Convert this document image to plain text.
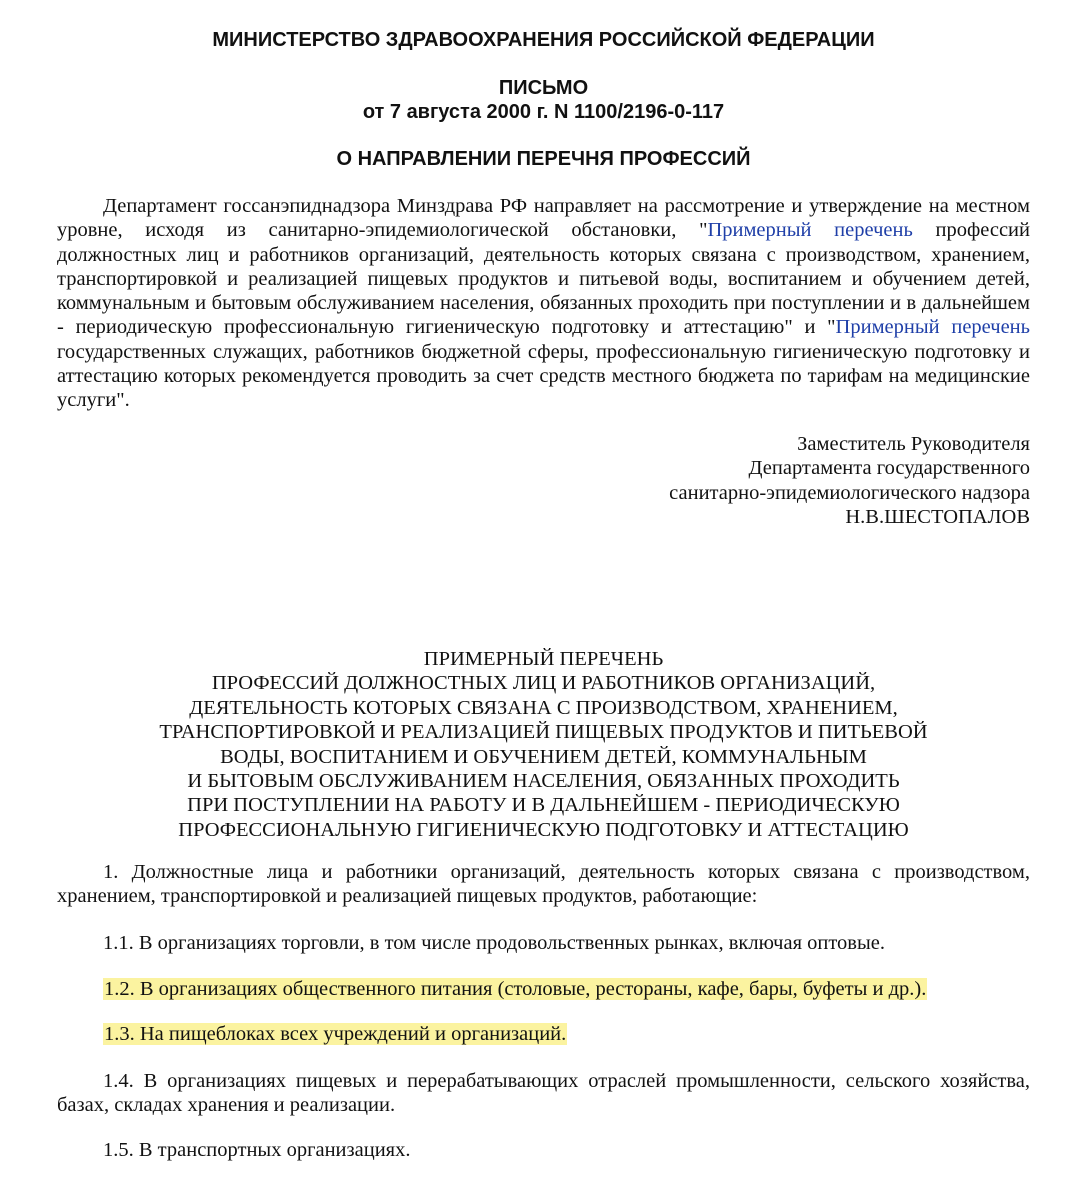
МИНИСТЕРСТВО ЗДРАВООХРАНЕНИЯ РОССИЙСКОЙ ФЕДЕРАЦИИ
ПИСЬМО
от 7 августа 2000 г. N 1100/2196-0-117
О НАПРАВЛЕНИИ ПЕРЕЧНЯ ПРОФЕССИЙ

Департамент госсанэпиднадзора Минздрава РФ направляет на рассмотрение и утверждение на местном уровне, исходя из санитарно-эпидемиологической обстановки, "Примерный перечень профессий должностных лиц и работников организаций, деятельность которых связана с производством, хранением, транспортировкой и реализацией пищевых продуктов и питьевой воды, воспитанием и обучением детей, коммунальным и бытовым обслуживанием населения, обязанных проходить при поступлении и в дальнейшем - периодическую профессиональную гигиеническую подготовку и аттестацию" и "Примерный перечень государственных служащих, работников бюджетной сферы, профессиональную гигиеническую подготовку и аттестацию которых рекомендуется проводить за счет средств местного бюджета по тарифам на медицинские услуги".

Заместитель Руководителя
Департамента государственного
санитарно-эпидемиологического надзора
Н.В.ШЕСТОПАЛОВ
ПРИМЕРНЫЙ ПЕРЕЧЕНЬ
ПРОФЕССИЙ ДОЛЖНОСТНЫХ ЛИЦ И РАБОТНИКОВ ОРГАНИЗАЦИЙ,
ДЕЯТЕЛЬНОСТЬ КОТОРЫХ СВЯЗАНА С ПРОИЗВОДСТВОМ, ХРАНЕНИЕМ,
ТРАНСПОРТИРОВКОЙ И РЕАЛИЗАЦИЕЙ ПИЩЕВЫХ ПРОДУКТОВ И ПИТЬЕВОЙ
ВОДЫ, ВОСПИТАНИЕМ И ОБУЧЕНИЕМ ДЕТЕЙ, КОММУНАЛЬНЫМ
И БЫТОВЫМ ОБСЛУЖИВАНИЕМ НАСЕЛЕНИЯ, ОБЯЗАННЫХ ПРОХОДИТЬ
ПРИ ПОСТУПЛЕНИИ НА РАБОТУ И В ДАЛЬНЕЙШЕМ - ПЕРИОДИЧЕСКУЮ
ПРОФЕССИОНАЛЬНУЮ ГИГИЕНИЧЕСКУЮ ПОДГОТОВКУ И АТТЕСТАЦИЮ

1. Должностные лица и работники организаций, деятельность которых связана с производством, хранением, транспортировкой и реализацией пищевых продуктов, работающие:

1.1. В организациях торговли, в том числе продовольственных рынках, включая оптовые.

1.2. В организациях общественного питания (столовые, рестораны, кафе, бары, буфеты и др.).

1.3. На пищеблоках всех учреждений и организаций.

1.4. В организациях пищевых и перерабатывающих отраслей промышленности, сельского хозяйства, базах, складах хранения и реализации.

1.5. В транспортных организациях.
